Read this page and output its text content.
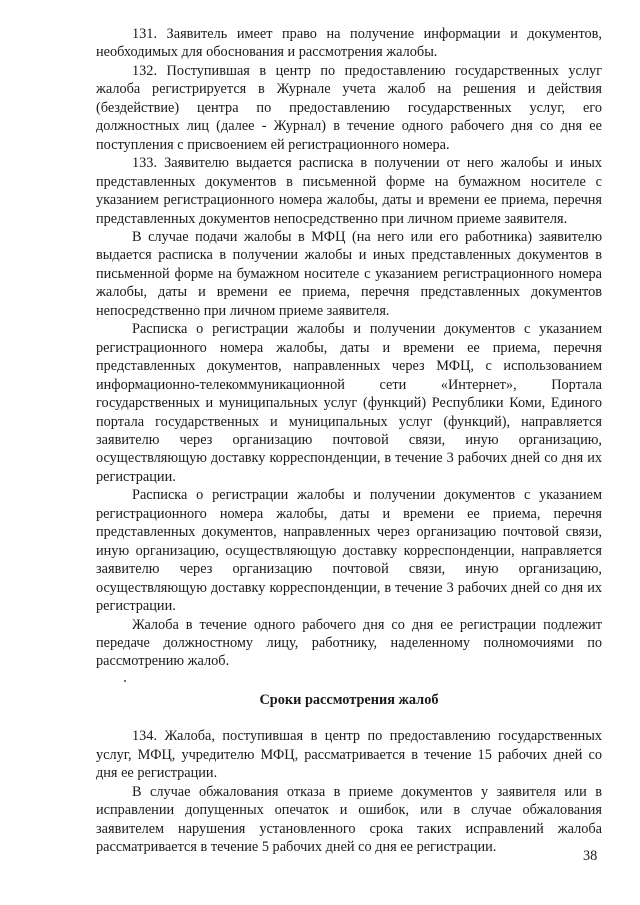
131. Заявитель имеет право на получение информации и документов, необходимых для обоснования и рассмотрения жалобы.

132. Поступившая в центр по предоставлению государственных услуг жалоба регистрируется в Журнале учета жалоб на решения и действия (бездействие) центра по предоставлению государственных услуг, его должностных лиц (далее - Журнал) в течение одного рабочего дня со дня ее поступления с присвоением ей регистрационного номера.

133. Заявителю выдается расписка в получении от него жалобы и иных представленных документов в письменной форме на бумажном носителе с указанием регистрационного номера жалобы, даты и времени ее приема, перечня представленных документов непосредственно при личном приеме заявителя.

В случае подачи жалобы в МФЦ (на него или его работника) заявителю выдается расписка в получении жалобы и иных представленных документов в письменной форме на бумажном носителе с указанием регистрационного номера жалобы, даты и времени ее приема, перечня представленных документов непосредственно при личном приеме заявителя.

Расписка о регистрации жалобы и получении документов с указанием регистрационного номера жалобы, даты и времени ее приема, перечня представленных документов, направленных через МФЦ, с использованием информационно-телекоммуникационной сети «Интернет», Портала государственных и муниципальных услуг (функций) Республики Коми, Единого портала государственных и муниципальных услуг (функций), направляется заявителю через организацию почтовой связи, иную организацию, осуществляющую доставку корреспонденции, в течение 3 рабочих дней со дня их регистрации.

Расписка о регистрации жалобы и получении документов с указанием регистрационного номера жалобы, даты и времени ее приема, перечня представленных документов, направленных через организацию почтовой связи, иную организацию, осуществляющую доставку корреспонденции, направляется заявителю через организацию почтовой связи, иную организацию, осуществляющую доставку корреспонденции, в течение 3 рабочих дней со дня их регистрации.

Жалоба в течение одного рабочего дня со дня ее регистрации подлежит передаче должностному лицу, работнику, наделенному полномочиями по рассмотрению жалоб.

Сроки рассмотрения жалоб

134. Жалоба, поступившая в центр по предоставлению государственных услуг, МФЦ, учредителю МФЦ, рассматривается в течение 15 рабочих дней со дня ее регистрации.

В случае обжалования отказа в приеме документов у заявителя или в исправлении допущенных опечаток и ошибок, или в случае обжалования заявителем нарушения установленного срока таких исправлений жалоба рассматривается в течение 5 рабочих дней со дня ее регистрации.

38
